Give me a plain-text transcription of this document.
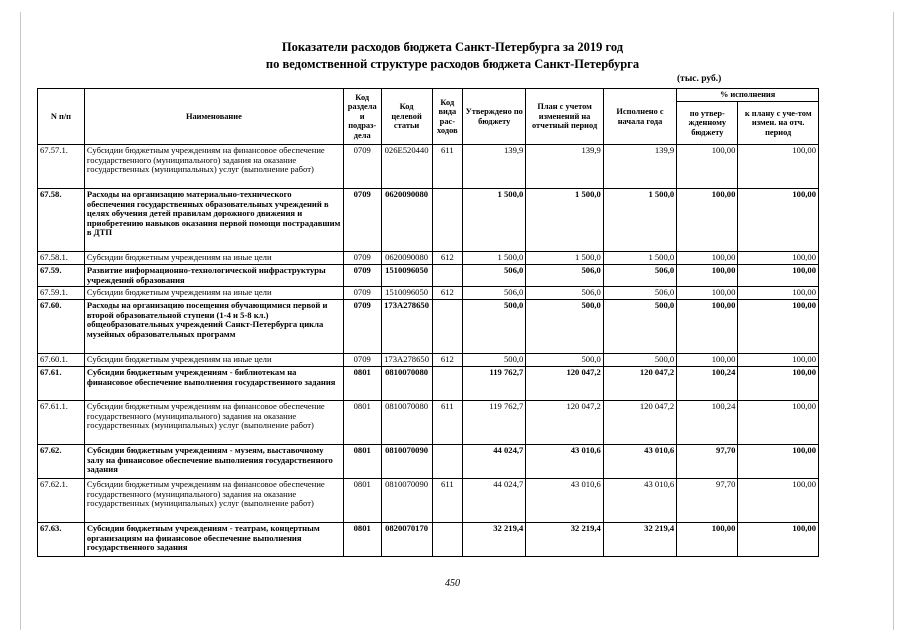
Показатели расходов бюджета Санкт-Петербурга за 2019 год
по ведомственной структуре расходов бюджета Санкт-Петербурга
(тыс. руб.)
N п/п	Наименование	Код раздела и подраз-дела	Код целевой статьи	Код вида рас-ходов	Утверждено по бюджету	План с учетом изменений на отчетный период	Исполнено с начала года	% исполнения	
								по утвер-жденному бюджету	к плану с уче-том измен. на отч. период
67.57.1.	Субсидии бюджетным учреждениям на финансовое обеспечение государственного (муниципального) задания на оказание государственных (муниципальных) услуг (выполнение работ)	0709	026Е520440	611	139,9	139,9	139,9	100,00	100,00
67.58.	Расходы на организацию материально-технического обеспечения государственных образовательных учреждений в целях обучения детей правилам дорожного движения и приобретению навыков оказания первой помощи пострадавшим в ДТП	0709	0620090080		1 500,0	1 500,0	1 500,0	100,00	100,00
67.58.1.	Субсидии бюджетным учреждениям на иные цели	0709	0620090080	612	1 500,0	1 500,0	1 500,0	100,00	100,00
67.59.	Развитие информационно-технологической инфраструктуры учреждений образования	0709	1510096050		506,0	506,0	506,0	100,00	100,00
67.59.1.	Субсидии бюджетным учреждениям на иные цели	0709	1510096050	612	506,0	506,0	506,0	100,00	100,00
67.60.	Расходы на организацию посещения обучающимися первой и второй образовательной ступени (1-4 и 5-8 кл.) общеобразовательных учреждений Санкт-Петербурга цикла музейных образовательных программ	0709	173А278650		500,0	500,0	500,0	100,00	100,00
67.60.1.	Субсидии бюджетным учреждениям на иные цели	0709	173А278650	612	500,0	500,0	500,0	100,00	100,00
67.61.	Субсидии бюджетным учреждениям - библиотекам на финансовое обеспечение выполнения государственного задания	0801	0810070080		119 762,7	120 047,2	120 047,2	100,24	100,00
67.61.1.	Субсидии бюджетным учреждениям на финансовое обеспечение государственного (муниципального) задания на оказание государственных (муниципальных) услуг (выполнение работ)	0801	0810070080	611	119 762,7	120 047,2	120 047,2	100,24	100,00
67.62.	Субсидии бюджетным учреждениям - музеям, выставочному залу на финансовое обеспечение выполнения государственного задания	0801	0810070090		44 024,7	43 010,6	43 010,6	97,70	100,00
67.62.1.	Субсидии бюджетным учреждениям на финансовое обеспечение государственного (муниципального) задания на оказание государственных (муниципальных) услуг (выполнение работ)	0801	0810070090	611	44 024,7	43 010,6	43 010,6	97,70	100,00
67.63.	Субсидии бюджетным учреждениям - театрам, концертным организациям на финансовое обеспечение выполнения государственного задания	0801	0820070170		32 219,4	32 219,4	32 219,4	100,00	100,00
450
